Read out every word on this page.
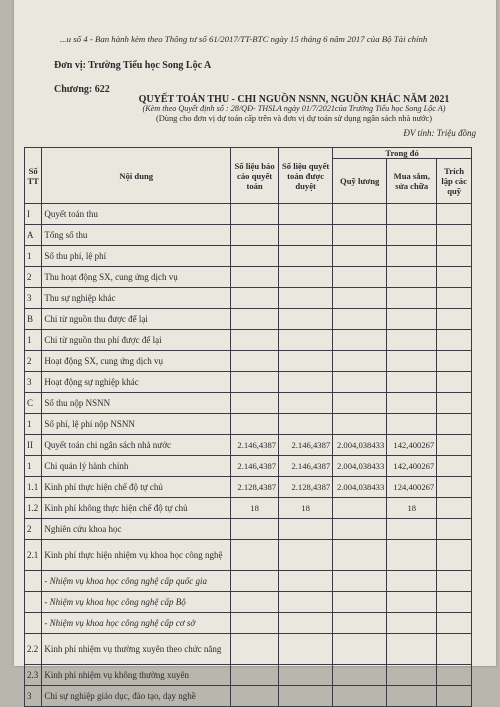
...u số 4 - Ban hành kèm theo Thông tư số 61/2017/TT-BTC ngày 15 tháng 6 năm 2017 của Bộ Tài chính
Đơn vị: Trường Tiểu học Song Lộc A
Chương: 622
QUYẾT TOÁN THU - CHI NGUỒN NSNN, NGUỒN KHÁC NĂM 2021
(Kèm theo Quyết định số : 28/QĐ- THSLA ngày 01/7/2021của Trường Tiểu học Song Lộc A)
(Dùng cho đơn vị dự toán cấp trên và đơn vị dự toán sử dụng ngân sách nhà nước)
ĐV tính: Triệu đồng
Số TT	Nội dung	Số liệu báo cáo quyết toán	Số liệu quyết toán được duyệt	Trong đó		
				Quỹ lương	Mua sắm, sửa chữa	Trích lập các quỹ
I	Quyết toán thu					
A	Tổng số thu					
1	Số thu phí, lệ phí					
2	Thu hoạt động SX, cung ứng dịch vụ					
3	Thu sự nghiệp khác					
B	Chi từ nguồn thu được để lại					
1	Chi từ nguồn thu phí được để lại					
2	Hoạt động SX, cung ứng dịch vụ					
3	Hoạt động sự nghiệp khác					
C	Số thu nộp NSNN					
1	Số phí, lệ phí nộp NSNN					
II	Quyết toán chi ngân sách nhà nước	2.146,4387	2.146,4387	2.004,038433	142,400267	
1	Chi quản lý hành chính	2.146,4387	2.146,4387	2.004,038433	142,400267	
1.1	Kinh phí thực hiện chế độ tự chủ	2.128,4387	2.128,4387	2.004,038433	124,400267	
1.2	Kinh phí không thực hiện chế độ tự chủ	18	18		18	
2	Nghiên cứu khoa học					
2.1	Kinh phí thực hiện nhiệm vụ khoa học công nghệ					
	- Nhiệm vụ khoa học công nghệ cấp quốc gia					
	- Nhiệm vụ khoa học công nghệ cấp Bộ					
	- Nhiệm vụ khoa học công nghệ cấp cơ sở					
2.2	Kinh phí nhiệm vụ thường xuyên theo chức năng					
2.3	Kinh phí nhiệm vụ không thường xuyên					
3	Chi sự nghiệp giáo dục, đào tạo, dạy nghề					
